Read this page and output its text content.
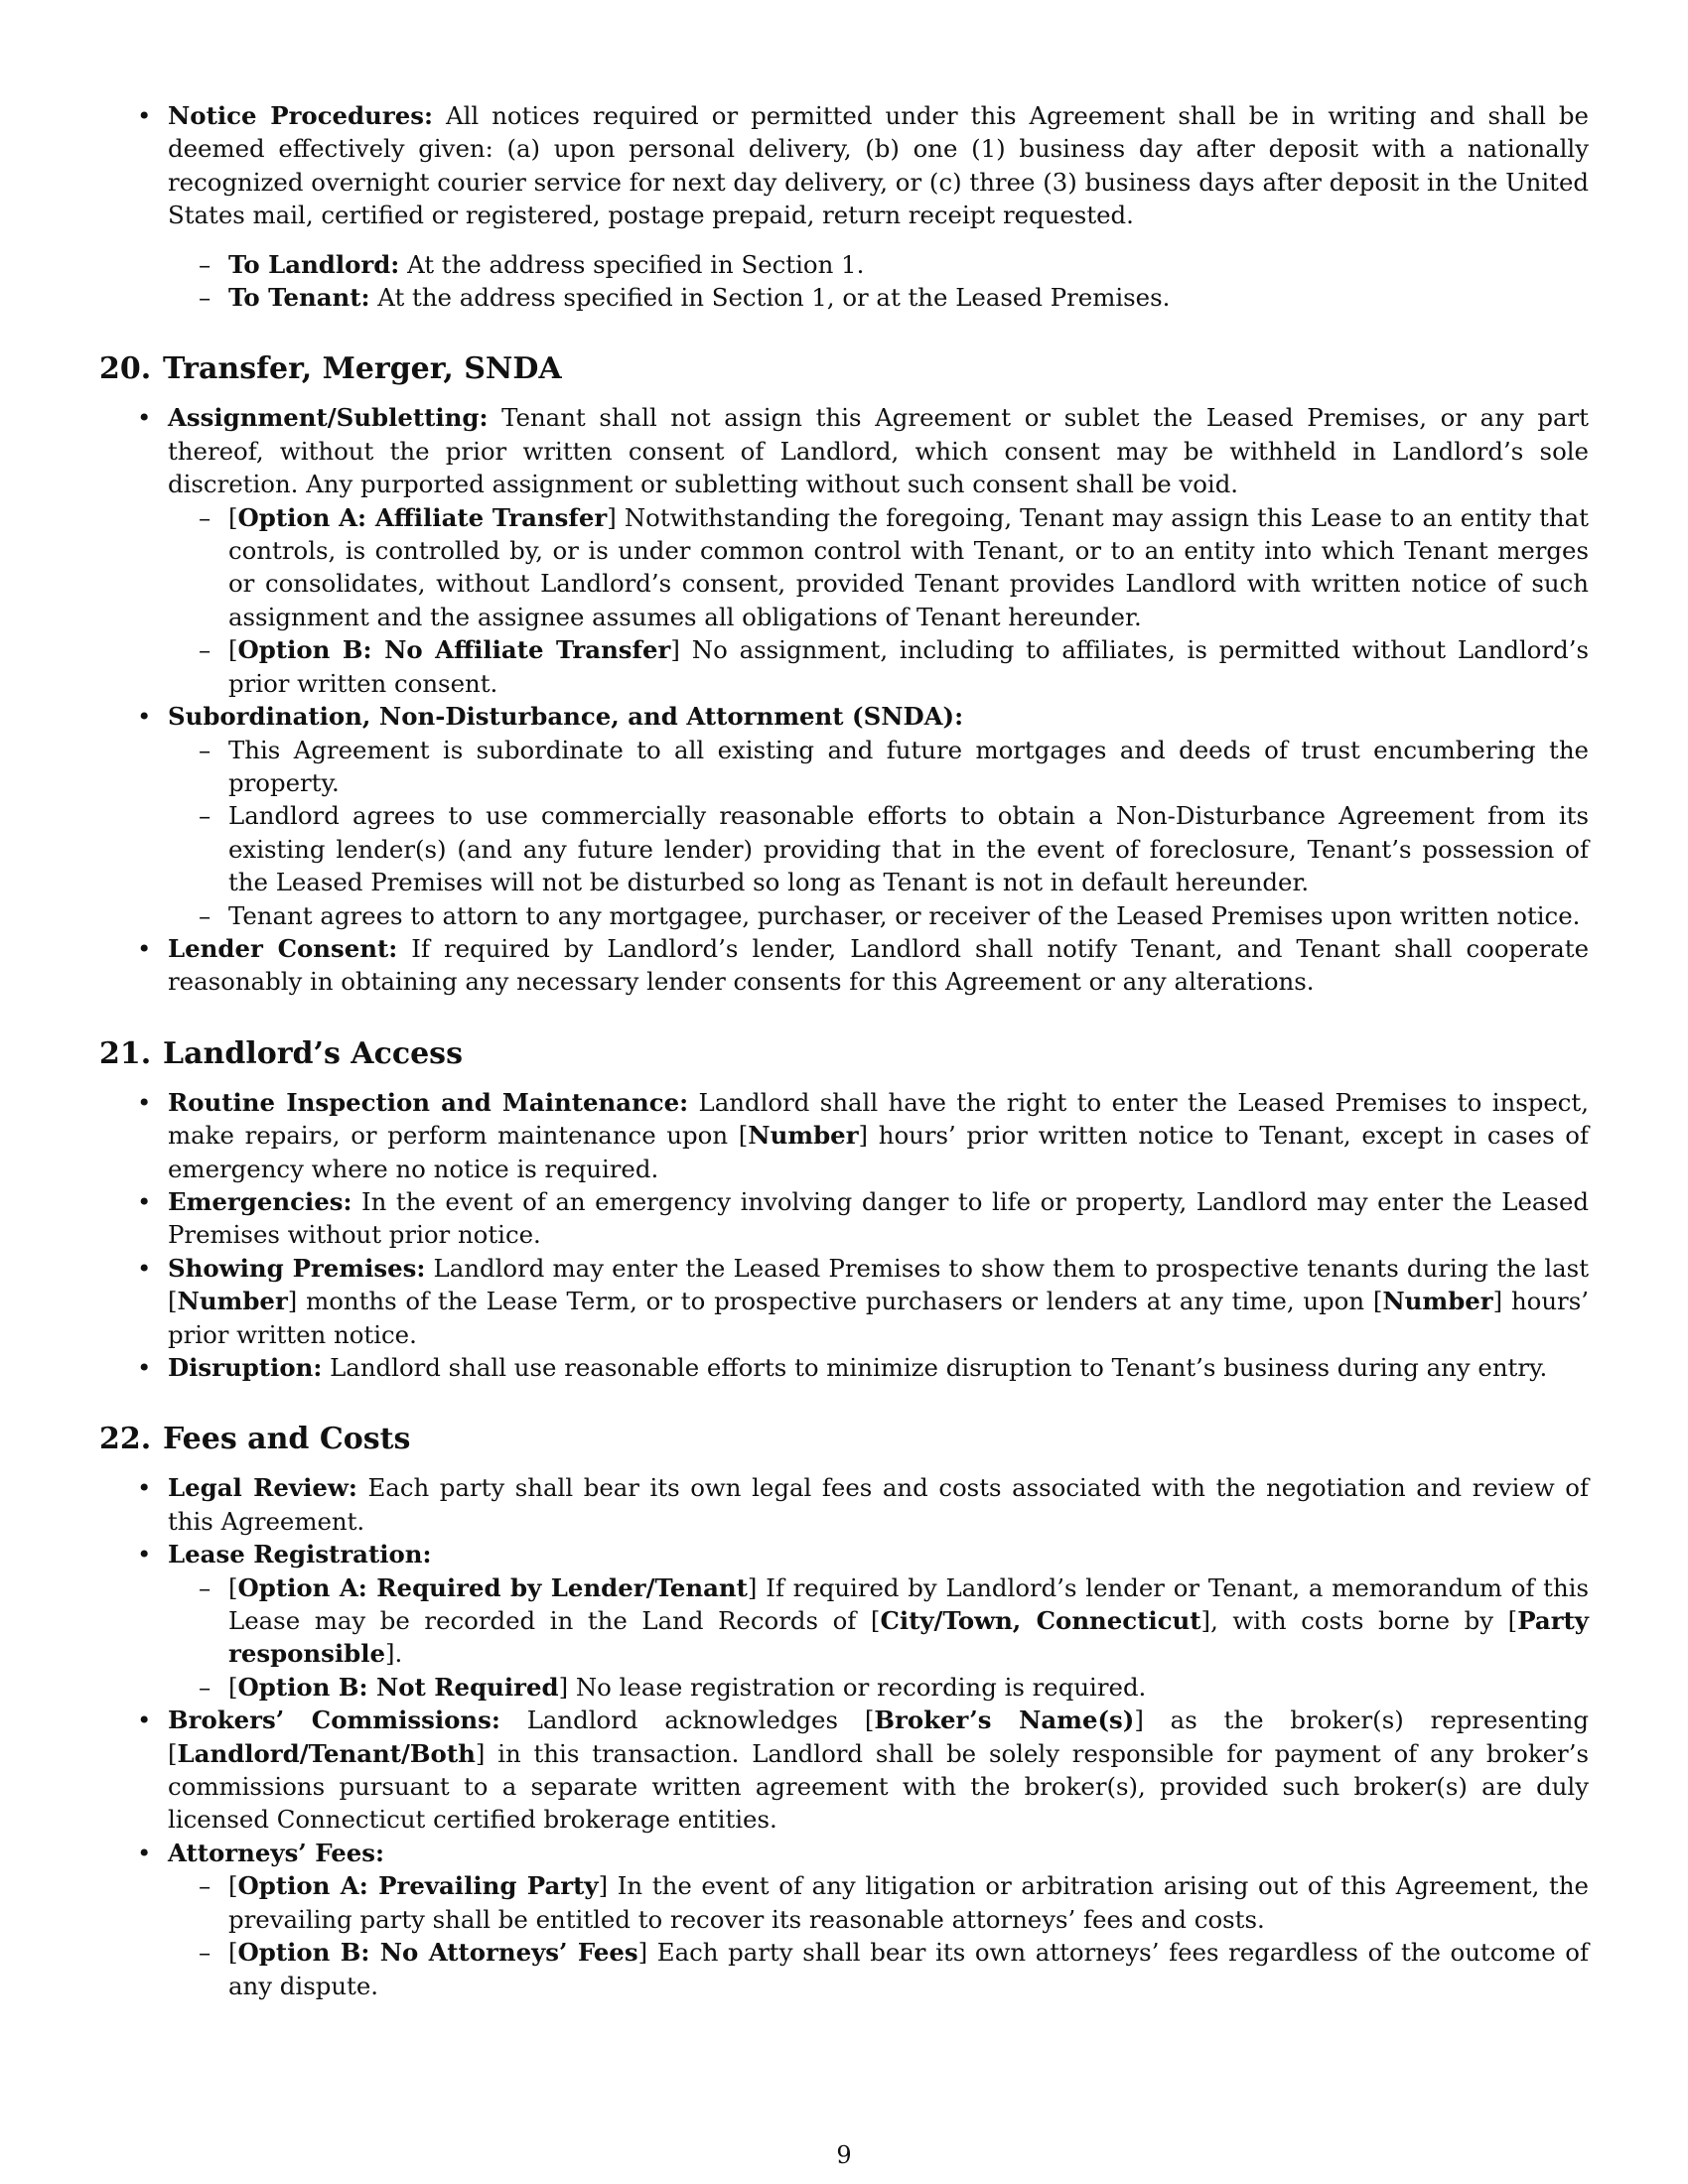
• Notice Procedures: All notices required or permitted under this Agreement shall be in writing and shall be deemed effectively given: (a) upon personal delivery, (b) one (1) business day after deposit with a nationally recognized overnight courier service for next day delivery, or (c) three (3) business days after deposit in the United States mail, certified or registered, postage prepaid, return receipt requested.
– To Landlord: At the address specified in Section 1.
– To Tenant: At the address specified in Section 1, or at the Leased Premises.
20. Transfer, Merger, SNDA
• Assignment/Subletting: Tenant shall not assign this Agreement or sublet the Leased Premises, or any part thereof, without the prior written consent of Landlord, which consent may be withheld in Landlord’s sole discretion. Any purported assignment or subletting without such consent shall be void.
– [Option A: Affiliate Transfer] Notwithstanding the foregoing, Tenant may assign this Lease to an entity that controls, is controlled by, or is under common control with Tenant, or to an entity into which Tenant merges or consolidates, without Landlord’s consent, provided Tenant provides Landlord with written notice of such assignment and the assignee assumes all obligations of Tenant hereunder.
– [Option B: No Affiliate Transfer] No assignment, including to affiliates, is permitted without Landlord’s prior written consent.
• Subordination, Non-Disturbance, and Attornment (SNDA):
– This Agreement is subordinate to all existing and future mortgages and deeds of trust encumbering the property.
– Landlord agrees to use commercially reasonable efforts to obtain a Non-Disturbance Agreement from its existing lender(s) (and any future lender) providing that in the event of foreclosure, Tenant’s possession of the Leased Premises will not be disturbed so long as Tenant is not in default hereunder.
– Tenant agrees to attorn to any mortgagee, purchaser, or receiver of the Leased Premises upon written notice.
• Lender Consent: If required by Landlord’s lender, Landlord shall notify Tenant, and Tenant shall cooperate reasonably in obtaining any necessary lender consents for this Agreement or any alterations.
21. Landlord’s Access
• Routine Inspection and Maintenance: Landlord shall have the right to enter the Leased Premises to inspect, make repairs, or perform maintenance upon [Number] hours’ prior written notice to Tenant, except in cases of emergency where no notice is required.
• Emergencies: In the event of an emergency involving danger to life or property, Landlord may enter the Leased Premises without prior notice.
• Showing Premises: Landlord may enter the Leased Premises to show them to prospective tenants during the last [Number] months of the Lease Term, or to prospective purchasers or lenders at any time, upon [Number] hours’ prior written notice.
• Disruption: Landlord shall use reasonable efforts to minimize disruption to Tenant’s business during any entry.
22. Fees and Costs
• Legal Review: Each party shall bear its own legal fees and costs associated with the negotiation and review of this Agreement.
• Lease Registration:
– [Option A: Required by Lender/Tenant] If required by Landlord’s lender or Tenant, a memorandum of this Lease may be recorded in the Land Records of [City/Town, Connecticut], with costs borne by [Party responsible].
– [Option B: Not Required] No lease registration or recording is required.
• Brokers’ Commissions: Landlord acknowledges [Broker’s Name(s)] as the broker(s) representing [Landlord/Tenant/Both] in this transaction. Landlord shall be solely responsible for payment of any broker’s commissions pursuant to a separate written agreement with the broker(s), provided such broker(s) are duly licensed Connecticut certified brokerage entities.
• Attorneys’ Fees:
– [Option A: Prevailing Party] In the event of any litigation or arbitration arising out of this Agreement, the prevailing party shall be entitled to recover its reasonable attorneys’ fees and costs.
– [Option B: No Attorneys’ Fees] Each party shall bear its own attorneys’ fees regardless of the outcome of any dispute.
9
